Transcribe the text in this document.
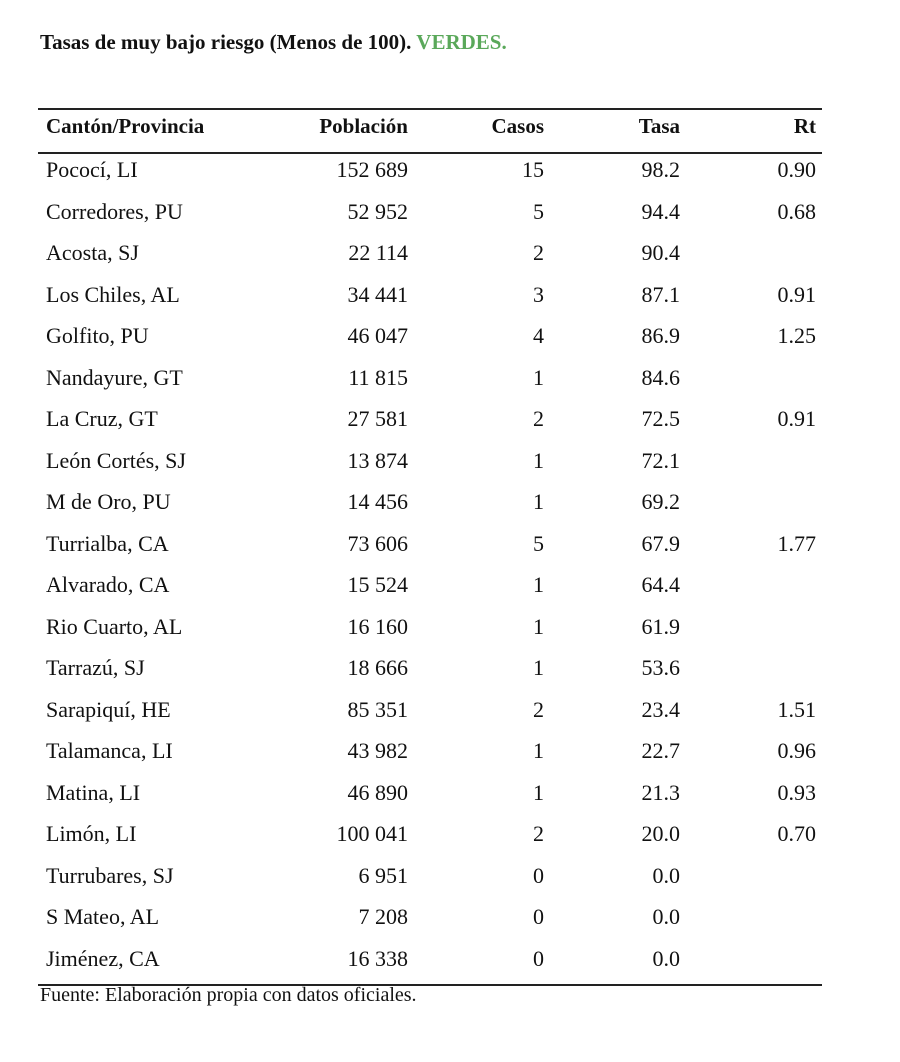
Tasas de muy bajo riesgo (Menos de 100). VERDES.
Cantón/Provincia	Población	Casos	Tasa	Rt
Pococí, LI	152 689	15	98.2	0.90
Corredores, PU	52 952	5	94.4	0.68
Acosta, SJ	22 114	2	90.4
Los Chiles, AL	34 441	3	87.1	0.91
Golfito, PU	46 047	4	86.9	1.25
Nandayure, GT	11 815	1	84.6
La Cruz, GT	27 581	2	72.5	0.91
León Cortés, SJ	13 874	1	72.1
M de Oro, PU	14 456	1	69.2
Turrialba, CA	73 606	5	67.9	1.77
Alvarado, CA	15 524	1	64.4
Rio Cuarto, AL	16 160	1	61.9
Tarrazú, SJ	18 666	1	53.6
Sarapiquí, HE	85 351	2	23.4	1.51
Talamanca, LI	43 982	1	22.7	0.96
Matina, LI	46 890	1	21.3	0.93
Limón, LI	100 041	2	20.0	0.70
Turrubares, SJ	6 951	0	0.0
S Mateo, AL	7 208	0	0.0
Jiménez, CA	16 338	0	0.0
Fuente: Elaboración propia con datos oficiales.
